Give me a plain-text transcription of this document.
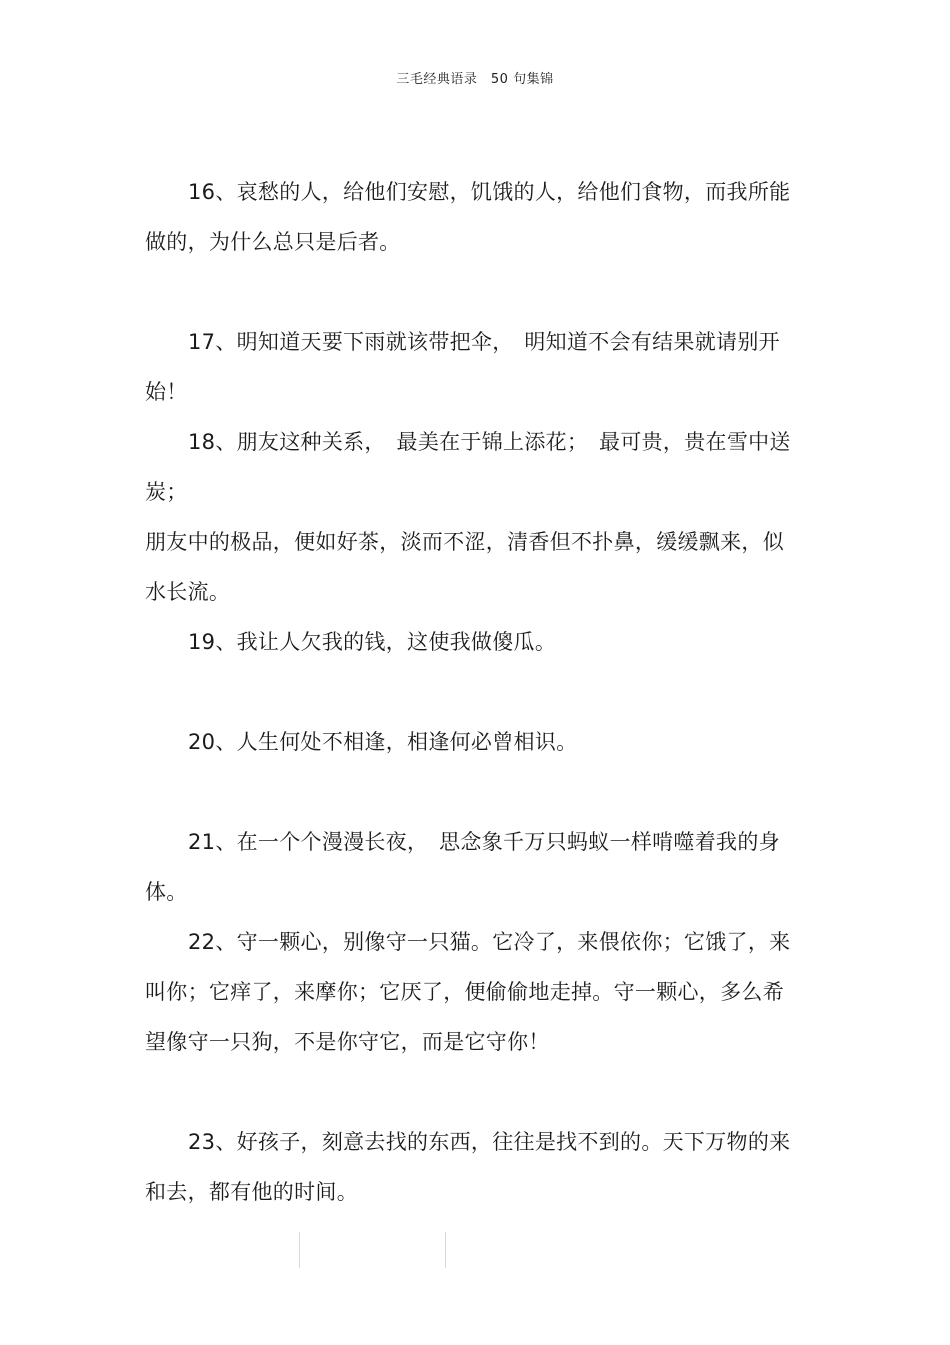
三毛经典语录　50 句集锦
16、哀愁的人，给他们安慰，饥饿的人，给他们食物，而我所能
做的，为什么总只是后者。
17、明知道天要下雨就该带把伞，　明知道不会有结果就请别开始！
18、朋友这种关系，　最美在于锦上添花；　最可贵，贵在雪中送炭；
朋友中的极品，便如好茶，淡而不涩，清香但不扑鼻，缓缓飘来，似
水长流。
19、我让人欠我的钱，这使我做傻瓜。
20、人生何处不相逢，相逢何必曾相识。
21、在一个个漫漫长夜，　思念象千万只蚂蚁一样啃噬着我的身体。
22、守一颗心，别像守一只猫。它冷了，来偎依你；它饿了，来
叫你；它痒了，来摩你；它厌了，便偷偷地走掉。守一颗心，多么希
望像守一只狗，不是你守它，而是它守你！
23、好孩子，刻意去找的东西，往往是找不到的。天下万物的来
和去，都有他的时间。
